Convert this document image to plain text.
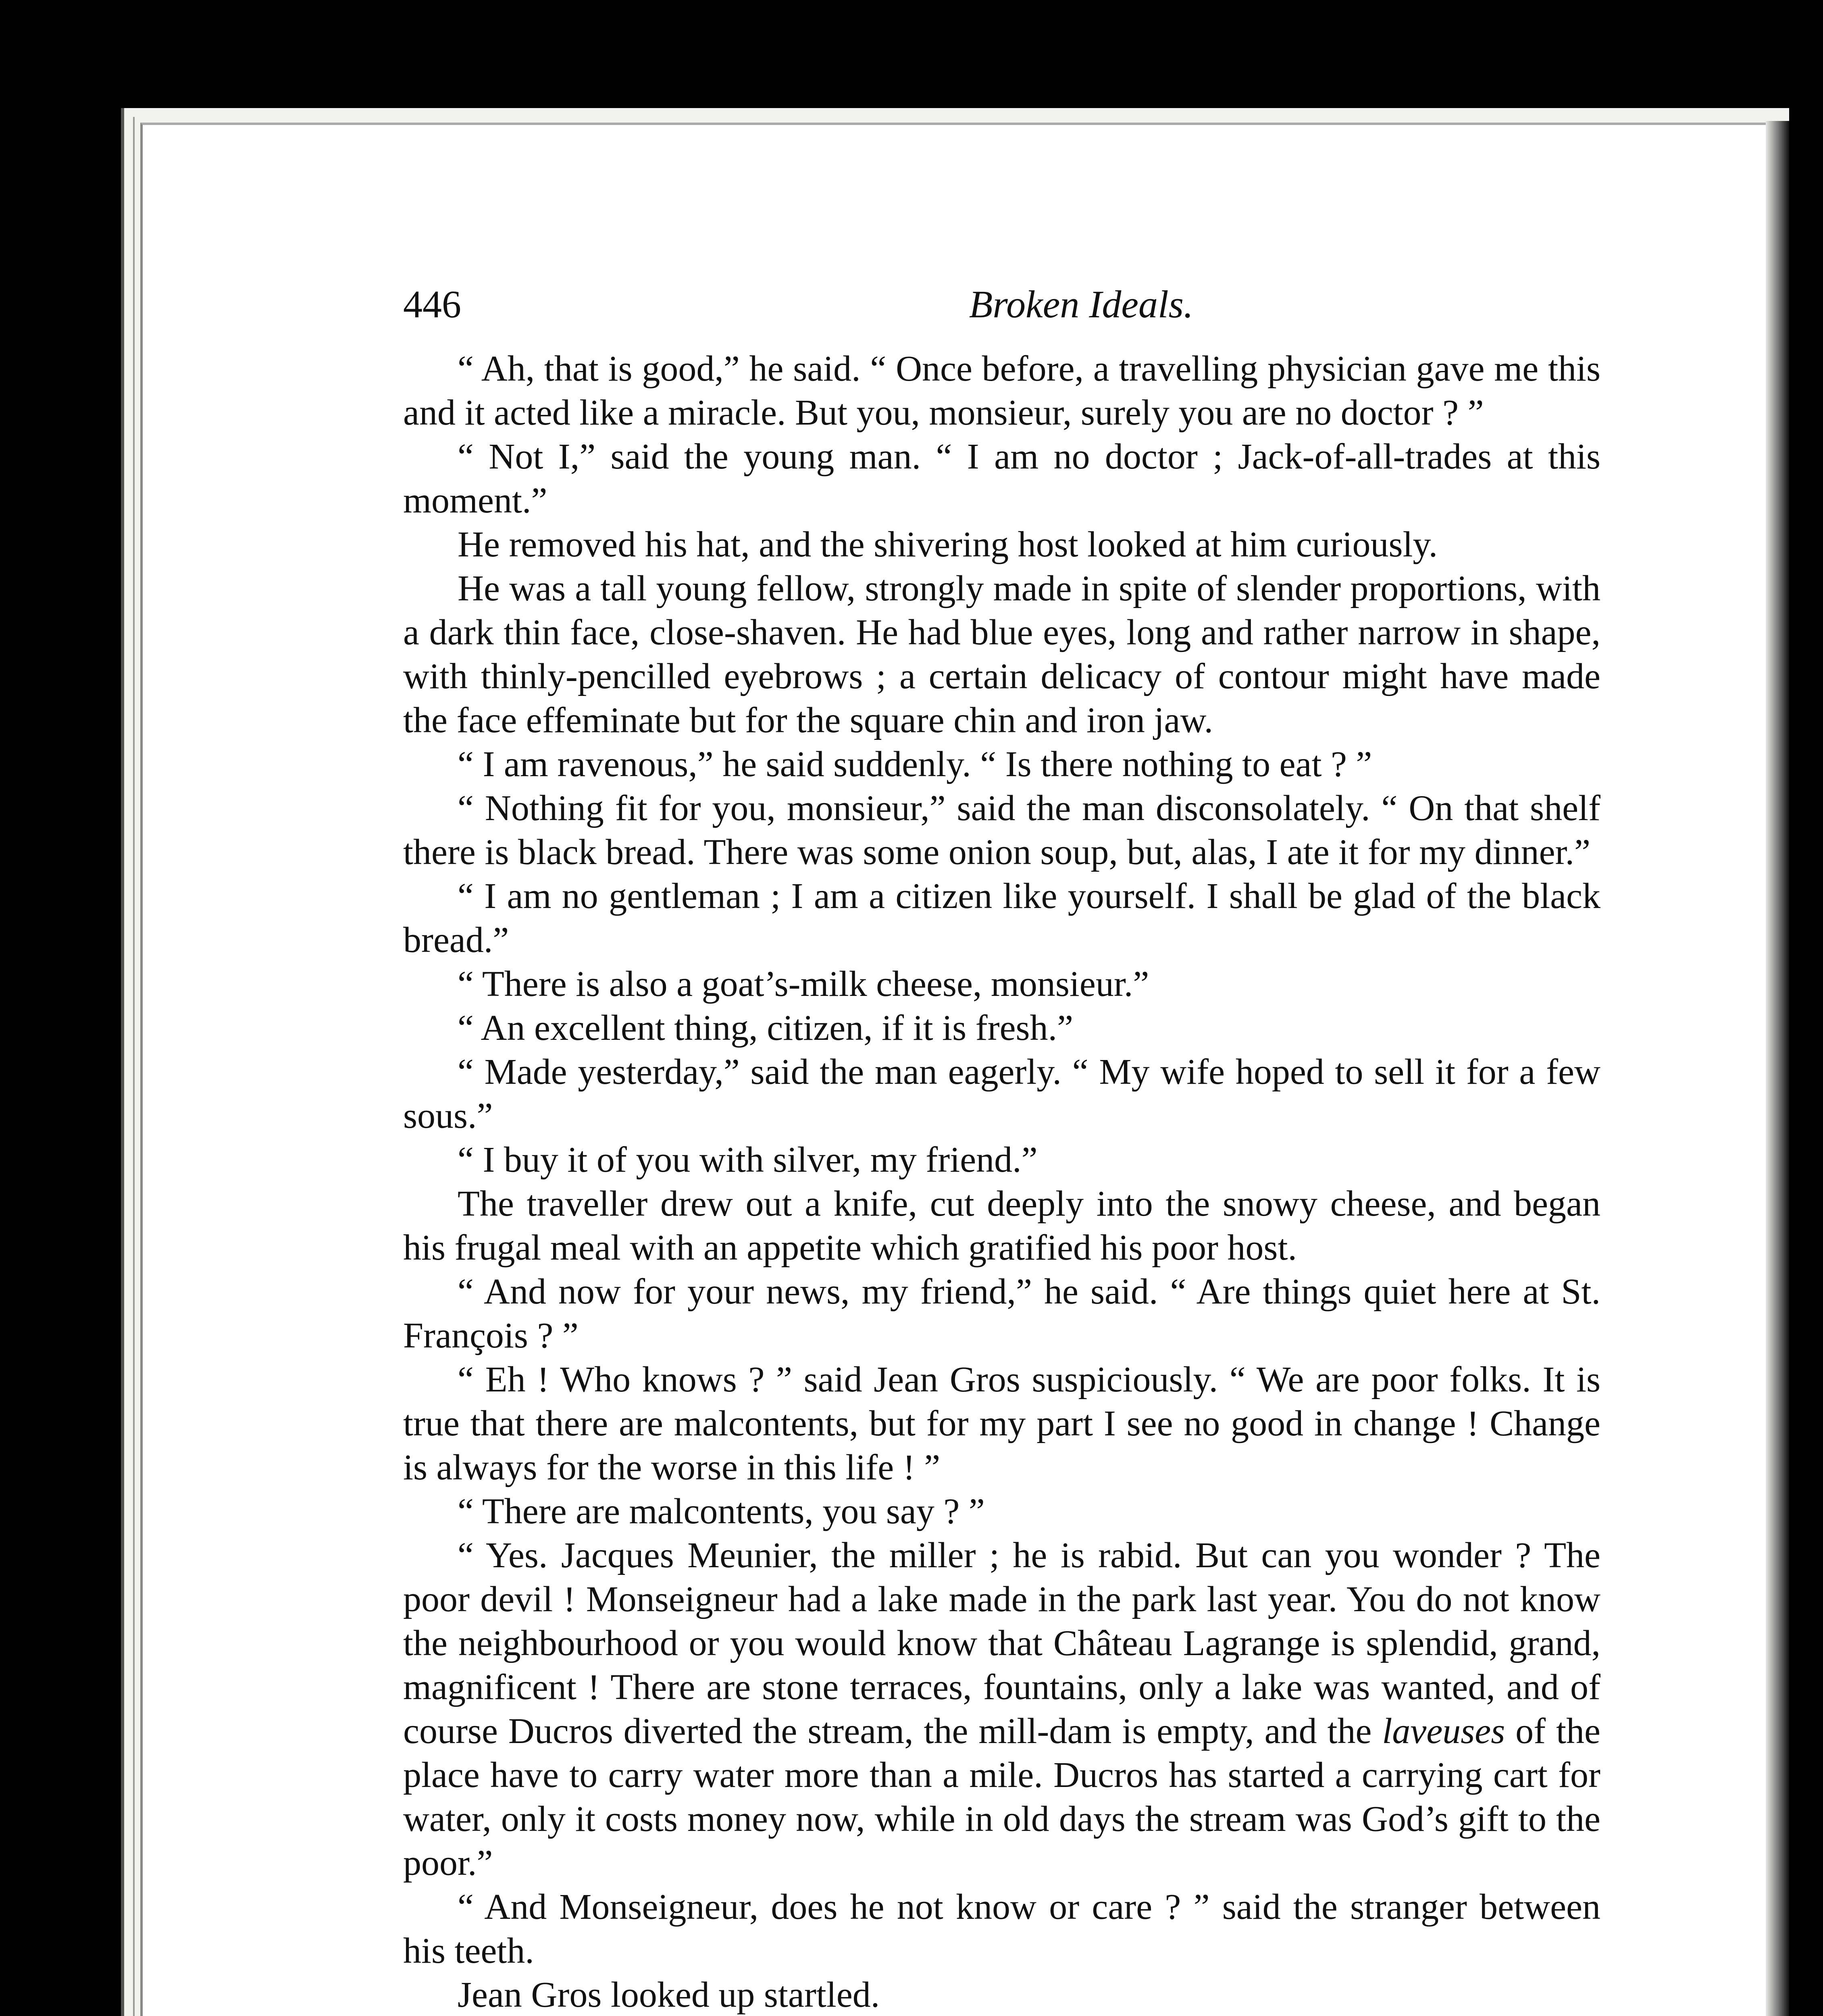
446	Broken Ideals.

“ Ah, that is good,” he said. “ Once before, a travelling physician gave me this and it acted like a miracle. But you, monsieur, surely you are no doctor ? ”

“ Not I,” said the young man. “ I am no doctor ; Jack-of-all-trades at this moment.”

He removed his hat, and the shivering host looked at him curiously.

He was a tall young fellow, strongly made in spite of slender proportions, with a dark thin face, close-shaven. He had blue eyes, long and rather narrow in shape, with thinly-pencilled eyebrows ; a certain delicacy of contour might have made the face effeminate but for the square chin and iron jaw.

“ I am ravenous,” he said suddenly. “ Is there nothing to eat ? ”

“ Nothing fit for you, monsieur,” said the man disconsolately. “ On that shelf there is black bread. There was some onion soup, but, alas, I ate it for my dinner.”

“ I am no gentleman ; I am a citizen like yourself. I shall be glad of the black bread.”

“ There is also a goat’s-milk cheese, monsieur.”

“ An excellent thing, citizen, if it is fresh.”

“ Made yesterday,” said the man eagerly. “ My wife hoped to sell it for a few sous.”

“ I buy it of you with silver, my friend.”

The traveller drew out a knife, cut deeply into the snowy cheese, and began his frugal meal with an appetite which gratified his poor host.

“ And now for your news, my friend,” he said. “ Are things quiet here at St. François ? ”

“ Eh ! Who knows ? ” said Jean Gros suspiciously. “ We are poor folks. It is true that there are malcontents, but for my part I see no good in change ! Change is always for the worse in this life ! ”

“ There are malcontents, you say ? ”

“ Yes. Jacques Meunier, the miller ; he is rabid. But can you wonder ? The poor devil ! Monseigneur had a lake made in the park last year. You do not know the neighbourhood or you would know that Château Lagrange is splendid, grand, magnificent ! There are stone terraces, fountains, only a lake was wanted, and of course Ducros diverted the stream, the mill-dam is empty, and the laveuses of the place have to carry water more than a mile. Ducros has started a carrying cart for water, only it costs money now, while in old days the stream was God’s gift to the poor.”

“ And Monseigneur, does he not know or care ? ” said the stranger between his teeth.

Jean Gros looked up startled.
